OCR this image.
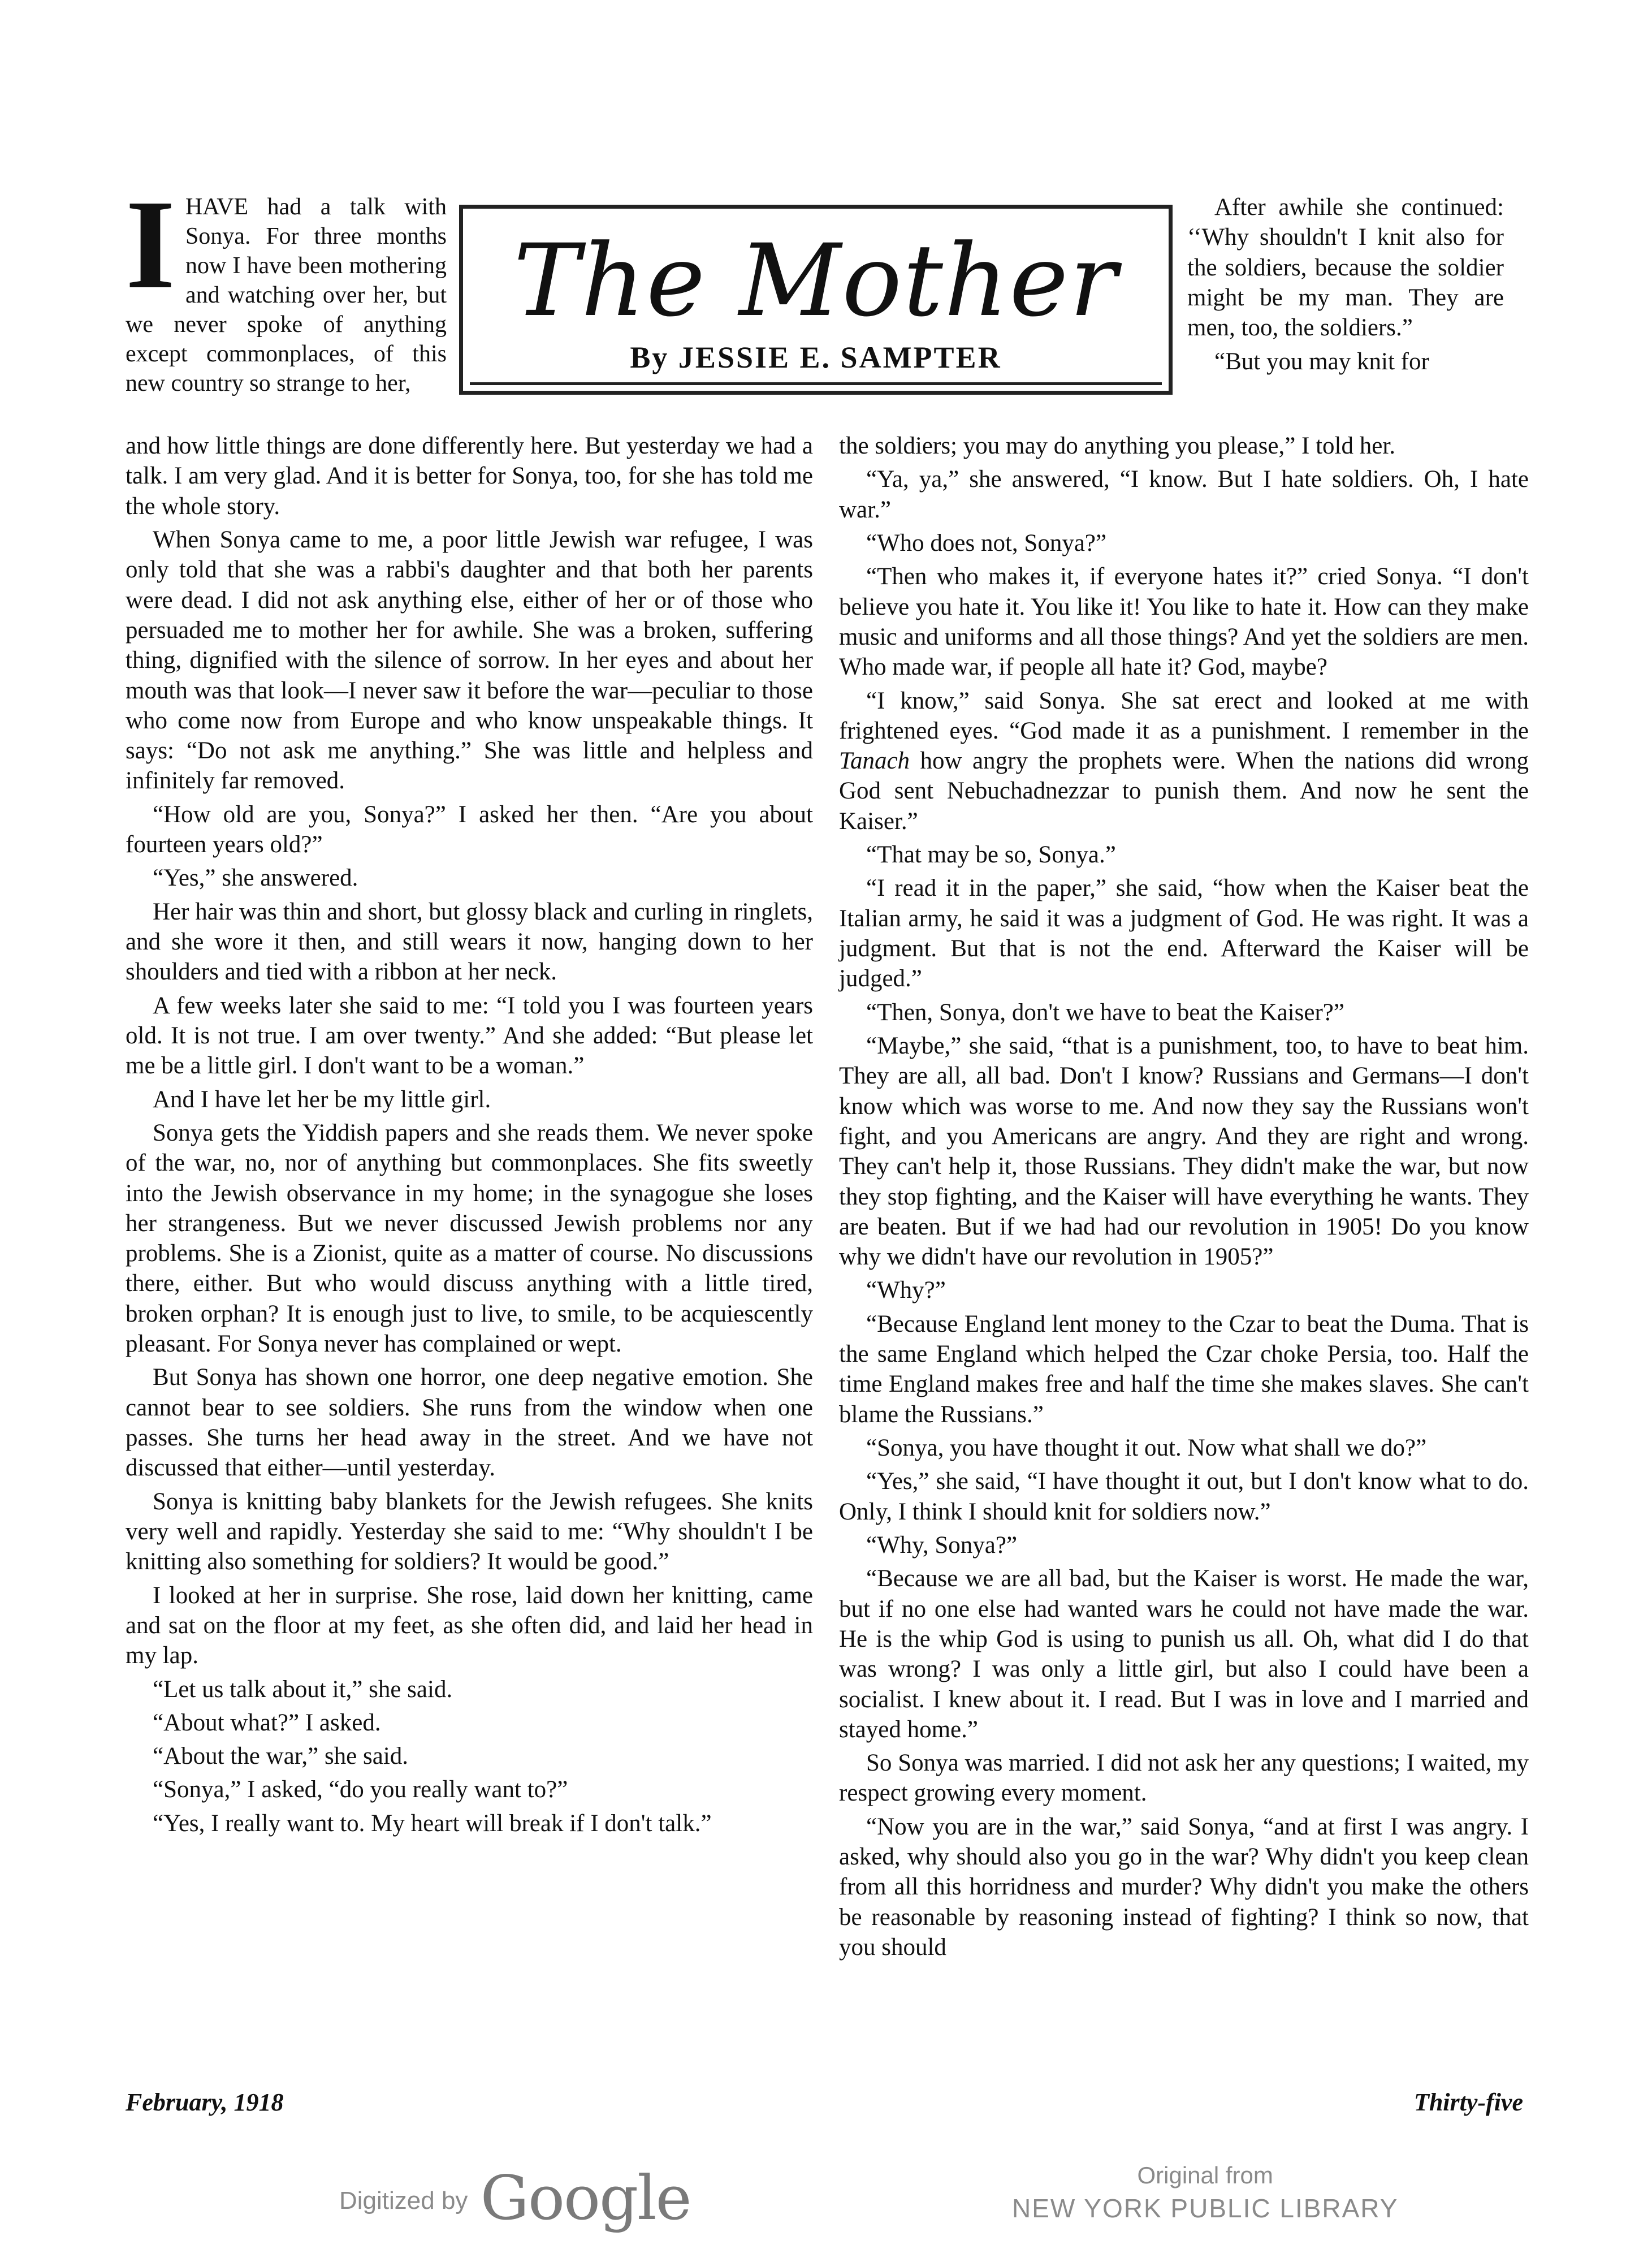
The Mother
By JESSIE E. SAMPTER

IHAVE had a talk with Sonya. For three months now I have been mothering and watching over her, but we never spoke of anything except commonplaces, of this new country so strange to her,

After awhile she continued: ‘‘Why shouldn't I knit also for the soldiers, because the soldier might be my man. They are men, too, the soldiers.”

“But you may knit for

and how little things are done differently here. But yesterday we had a talk. I am very glad. And it is better for Sonya, too, for she has told me the whole story.

When Sonya came to me, a poor little Jewish war refugee, I was only told that she was a rabbi's daughter and that both her parents were dead. I did not ask anything else, either of her or of those who persuaded me to mother her for awhile. She was a broken, suffering thing, dignified with the silence of sorrow. In her eyes and about her mouth was that look—I never saw it before the war—peculiar to those who come now from Europe and who know unspeakable things. It says: “Do not ask me anything.” She was little and helpless and infinitely far removed.

“How old are you, Sonya?” I asked her then. “Are you about fourteen years old?”

“Yes,” she answered.

Her hair was thin and short, but glossy black and curling in ringlets, and she wore it then, and still wears it now, hanging down to her shoulders and tied with a ribbon at her neck.

A few weeks later she said to me: “I told you I was fourteen years old. It is not true. I am over twenty.” And she added: “But please let me be a little girl. I don't want to be a woman.”

And I have let her be my little girl.

Sonya gets the Yiddish papers and she reads them. We never spoke of the war, no, nor of anything but commonplaces. She fits sweetly into the Jewish observance in my home; in the synagogue she loses her strangeness. But we never discussed Jewish problems nor any problems. She is a Zionist, quite as a matter of course. No discussions there, either. But who would discuss anything with a little tired, broken orphan? It is enough just to live, to smile, to be acquiescently pleasant. For Sonya never has complained or wept.

But Sonya has shown one horror, one deep negative emotion. She cannot bear to see soldiers. She runs from the window when one passes. She turns her head away in the street. And we have not discussed that either—until yesterday.

Sonya is knitting baby blankets for the Jewish refugees. She knits very well and rapidly. Yesterday she said to me: “Why shouldn't I be knitting also something for soldiers? It would be good.”

I looked at her in surprise. She rose, laid down her knitting, came and sat on the floor at my feet, as she often did, and laid her head in my lap.

“Let us talk about it,” she said.

“About what?” I asked.

“About the war,” she said.

“Sonya,” I asked, “do you really want to?”

“Yes, I really want to. My heart will break if I don't talk.”

the soldiers; you may do anything you please,” I told her.

“Ya, ya,” she answered, “I know. But I hate soldiers. Oh, I hate war.”

“Who does not, Sonya?”

“Then who makes it, if everyone hates it?” cried Sonya. “I don't believe you hate it. You like it! You like to hate it. How can they make music and uniforms and all those things? And yet the soldiers are men. Who made war, if people all hate it? God, maybe?

“I know,” said Sonya. She sat erect and looked at me with frightened eyes. “God made it as a punishment. I remember in the Tanach how angry the prophets were. When the nations did wrong God sent Nebuchadnezzar to punish them. And now he sent the Kaiser.”

“That may be so, Sonya.”

“I read it in the paper,” she said, “how when the Kaiser beat the Italian army, he said it was a judgment of God. He was right. It was a judgment. But that is not the end. Afterward the Kaiser will be judged.”

“Then, Sonya, don't we have to beat the Kaiser?”

“Maybe,” she said, “that is a punishment, too, to have to beat him. They are all, all bad. Don't I know? Russians and Germans—I don't know which was worse to me. And now they say the Russians won't fight, and you Americans are angry. And they are right and wrong. They can't help it, those Russians. They didn't make the war, but now they stop fighting, and the Kaiser will have everything he wants. They are beaten. But if we had had our revolution in 1905! Do you know why we didn't have our revolution in 1905?”

“Why?”

“Because England lent money to the Czar to beat the Duma. That is the same England which helped the Czar choke Persia, too. Half the time England makes free and half the time she makes slaves. She can't blame the Russians.”

“Sonya, you have thought it out. Now what shall we do?”

“Yes,” she said, “I have thought it out, but I don't know what to do. Only, I think I should knit for soldiers now.”

“Why, Sonya?”

“Because we are all bad, but the Kaiser is worst. He made the war, but if no one else had wanted wars he could not have made the war. He is the whip God is using to punish us all. Oh, what did I do that was wrong? I was only a little girl, but also I could have been a socialist. I knew about it. I read. But I was in love and I married and stayed home.”

So Sonya was married. I did not ask her any questions; I waited, my respect growing every moment.

“Now you are in the war,” said Sonya, “and at first I was angry. I asked, why should also you go in the war? Why didn't you keep clean from all this horridness and murder? Why didn't you make the others be reasonable by reasoning instead of fighting? I think so now, that you should

February, 1918	Thirty-five
Digitized by Google	Original from
NEW YORK PUBLIC LIBRARY
